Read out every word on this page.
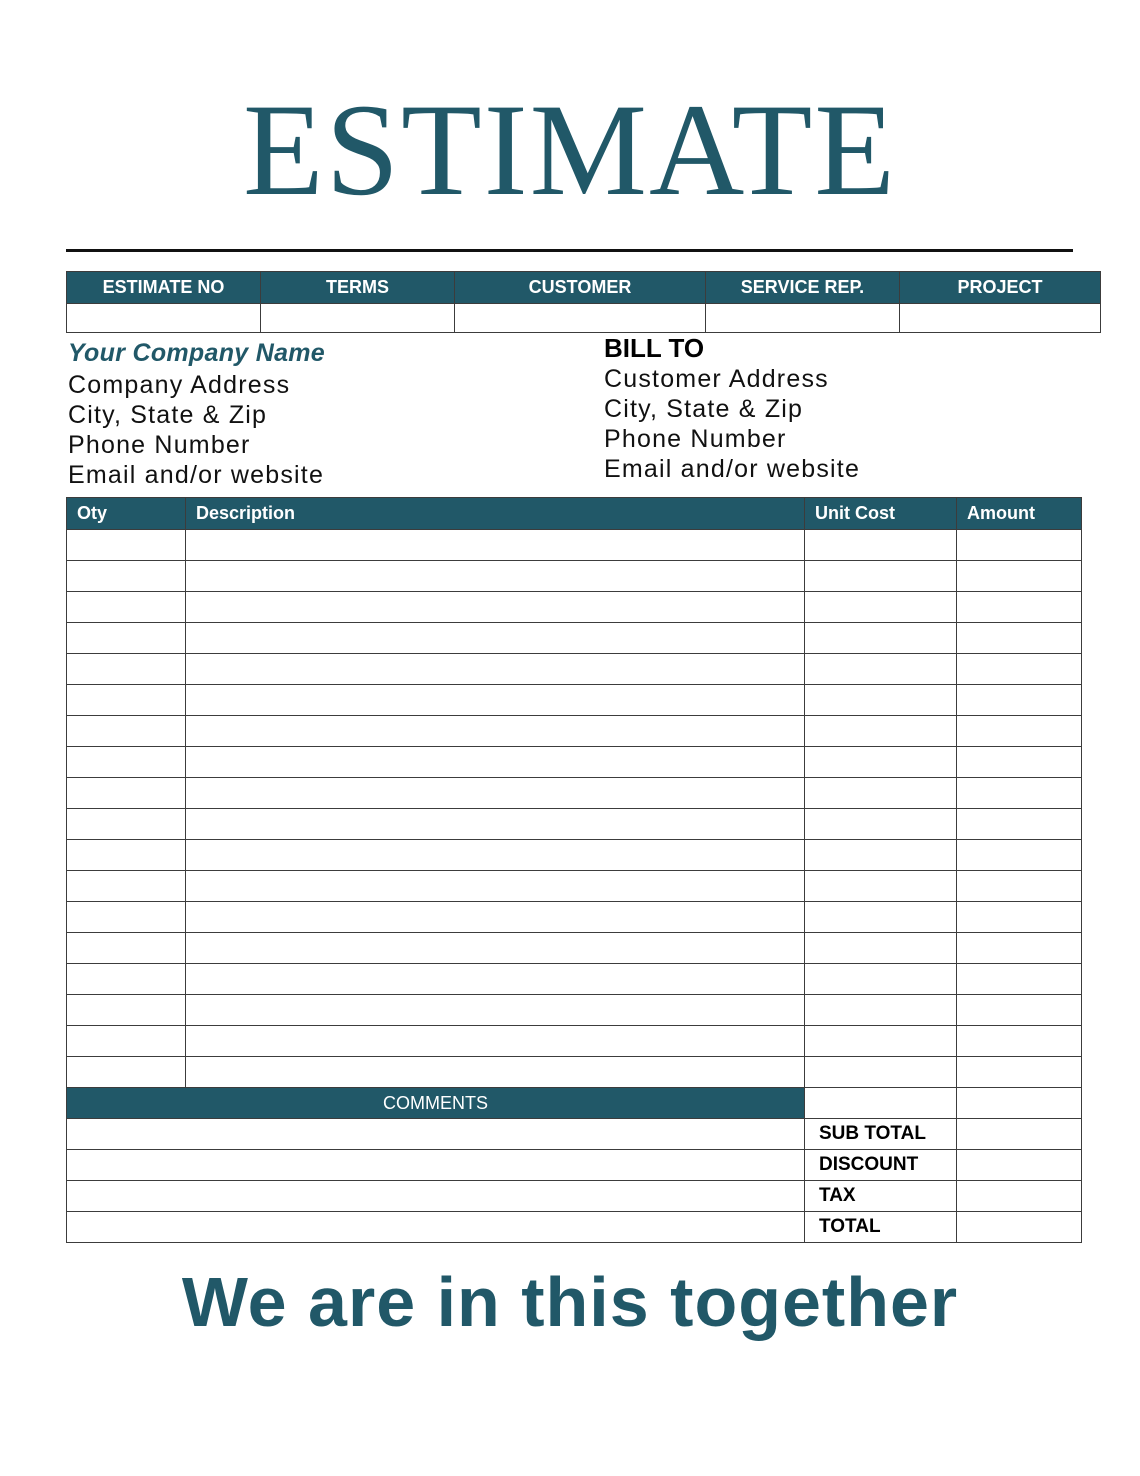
ESTIMATE
ESTIMATE NO	TERMS	CUSTOMER	SERVICE REP.	PROJECT

Your Company Name
Company Address
City, State & Zip
Phone Number
Email and/or website
BILL TO
Customer Address
City, State & Zip
Phone Number
Email and/or website
Oty	Description	Unit Cost	Amount

COMMENTS			
		SUB TOTAL	
		DISCOUNT	
		TAX	
		TOTAL	
We are in this together
